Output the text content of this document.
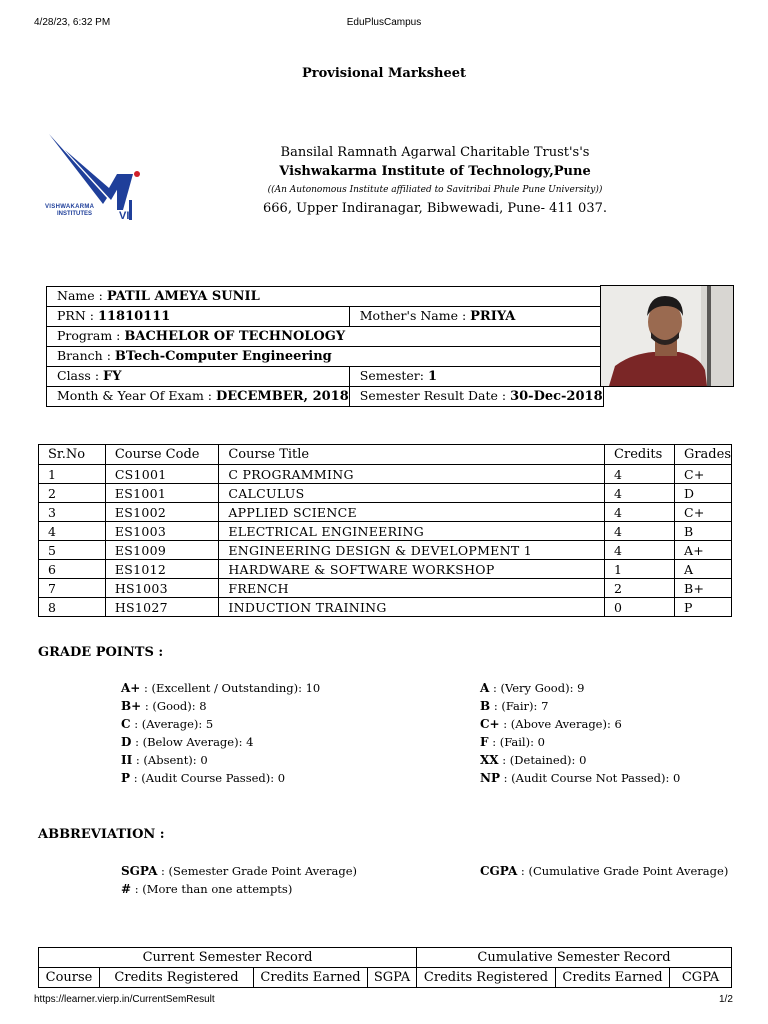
4/28/23, 6:32 PM	EduPlusCampus
Provisional Marksheet
VISHWAKARMA
INSTITUTES VI
Bansilal Ramnath Agarwal Charitable Trust's's
Vishwakarma Institute of Technology,Pune
((An Autonomous Institute affiliated to Savitribai Phule Pune University))
666, Upper Indiranagar, Bibwewadi, Pune- 411 037.
Name : PATIL AMEYA SUNIL	
PRN : 11810111	Mother's Name : PRIYA
Program : BACHELOR OF TECHNOLOGY	
Branch : BTech-Computer Engineering	
Class : FY	Semester: 1
Month & Year Of Exam : DECEMBER, 2018	Semester Result Date : 30-Dec-2018
Sr.No	Course Code	Course Title	Credits	Grades
1	CS1001	C PROGRAMMING	4	C+
2	ES1001	CALCULUS	4	D
3	ES1002	APPLIED SCIENCE	4	C+
4	ES1003	ELECTRICAL ENGINEERING	4	B
5	ES1009	ENGINEERING DESIGN & DEVELOPMENT 1	4	A+
6	ES1012	HARDWARE & SOFTWARE WORKSHOP	1	A
7	HS1003	FRENCH	2	B+
8	HS1027	INDUCTION TRAINING	0	P
GRADE POINTS :
A+ : (Excellent / Outstanding): 10
B+ : (Good): 8
C : (Average): 5
D : (Below Average): 4
II : (Absent): 0
P : (Audit Course Passed): 0
A : (Very Good): 9
B : (Fair): 7
C+ : (Above Average): 6
F : (Fail): 0
XX : (Detained): 0
NP : (Audit Course Not Passed): 0
ABBREVIATION :
SGPA : (Semester Grade Point Average)
# : (More than one attempts)
CGPA : (Cumulative Grade Point Average)
Current Semester Record				Cumulative Semester Record		
Course	Credits Registered	Credits Earned	SGPA	Credits Registered	Credits Earned	CGPA
https://learner.vierp.in/CurrentSemResult	1/2
